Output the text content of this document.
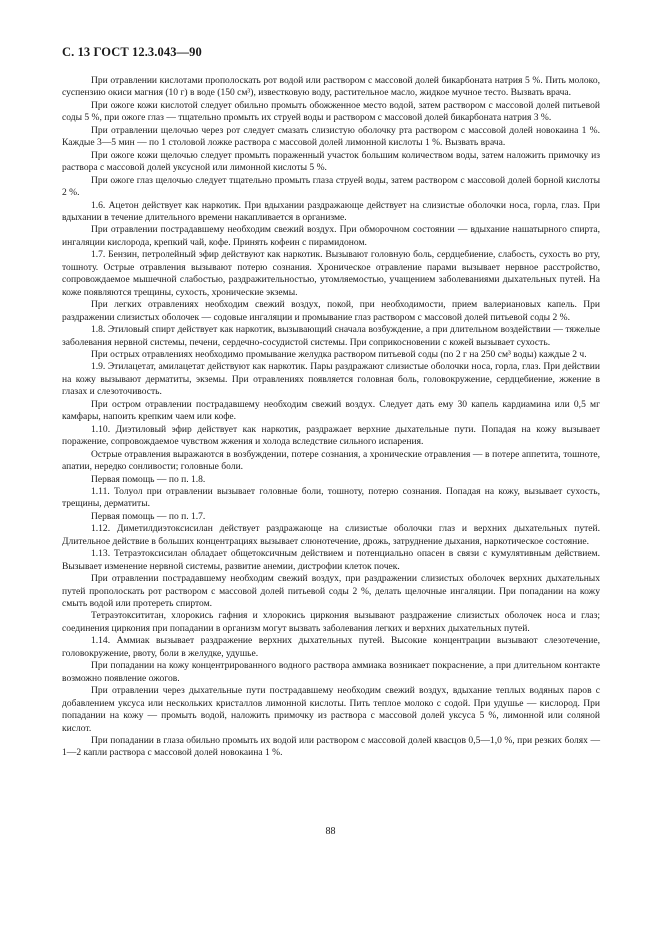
С. 13 ГОСТ 12.3.043—90

При отравлении кислотами прополоскать рот водой или раствором с массовой долей бикарбоната натрия 5 %. Пить молоко, суспензию окиси магния (10 г) в воде (150 см³), известковую воду, растительное масло, жидкое мучное тесто. Вызвать врача.

При ожоге кожи кислотой следует обильно промыть обожженное место водой, затем раствором с массовой долей питьевой соды 5 %, при ожоге глаз — тщательно промыть их струей воды и раствором с массовой долей бикарбоната натрия 3 %.

При отравлении щелочью через рот следует смазать слизистую оболочку рта раствором с массовой долей новокаина 1 %. Каждые 3—5 мин — по 1 столовой ложке раствора с массовой долей лимонной кислоты 1 %. Вызвать врача.

При ожоге кожи щелочью следует промыть пораженный участок большим количеством воды, затем наложить примочку из раствора с массовой долей уксусной или лимонной кислоты 5 %.

При ожоге глаз щелочью следует тщательно промыть глаза струей воды, затем раствором с массовой долей борной кислоты 2 %.

1.6. Ацетон действует как наркотик. При вдыхании раздражающе действует на слизистые оболочки носа, горла, глаз. При вдыхании в течение длительного времени накапливается в организме.

При отравлении пострадавшему необходим свежий воздух. При обморочном состоянии — вдыхание нашатырного спирта, ингаляции кислорода, крепкий чай, кофе. Принять кофеин с пирамидоном.

1.7. Бензин, петролейный эфир действуют как наркотик. Вызывают головную боль, сердцебиение, слабость, сухость во рту, тошноту. Острые отравления вызывают потерю сознания. Хроническое отравление парами вызывает нервное расстройство, сопровождаемое мышечной слабостью, раздражительностью, утомляемостью, учащением заболеваниями дыхательных путей. На коже появляются трещины, сухость, хронические экземы.

При легких отравлениях необходим свежий воздух, покой, при необходимости, прием валериановых капель. При раздражении слизистых оболочек — содовые ингаляции и промывание глаз раствором с массовой долей питьевой соды 2 %.

1.8. Этиловый спирт действует как наркотик, вызывающий сначала возбуждение, а при длительном воздействии — тяжелые заболевания нервной системы, печени, сердечно-сосудистой системы. При соприкосновении с кожей вызывает сухость.

При острых отравлениях необходимо промывание желудка раствором питьевой соды (по 2 г на 250 см³ воды) каждые 2 ч.

1.9. Этилацетат, амилацетат действуют как наркотик. Пары раздражают слизистые оболочки носа, горла, глаз. При действии на кожу вызывают дерматиты, экземы. При отравлениях появляется головная боль, головокружение, сердцебиение, жжение в глазах и слезоточивость.

При остром отравлении пострадавшему необходим свежий воздух. Следует дать ему 30 капель кардиамина или 0,5 мг камфары, напоить крепким чаем или кофе.

1.10. Диэтиловый эфир действует как наркотик, раздражает верхние дыхательные пути. Попадая на кожу вызывает поражение, сопровождаемое чувством жжения и холода вследствие сильного испарения.

Острые отравления выражаются в возбуждении, потере сознания, а хронические отравления — в потере аппетита, тошноте, апатии, нередко сонливости; головные боли.

Первая помощь — по п. 1.8.

1.11. Толуол при отравлении вызывает головные боли, тошноту, потерю сознания. Попадая на кожу, вызывает сухость, трещины, дерматиты.

Первая помощь — по п. 1.7.

1.12. Диметилдиэтоксисилан действует раздражающе на слизистые оболочки глаз и верхних дыхательных путей. Длительное действие в больших концентрациях вызывает слюнотечение, дрожь, затруднение дыхания, наркотическое состояние.

1.13. Тетраэтоксисилан обладает общетоксичным действием и потенциально опасен в связи с кумулятивным действием. Вызывает изменение нервной системы, развитие анемии, дистрофии клеток почек.

При отравлении пострадавшему необходим свежий воздух, при раздражении слизистых оболочек верхних дыхательных путей прополоскать рот раствором с массовой долей питьевой соды 2 %, делать щелочные ингаляции. При попадании на кожу смыть водой или протереть спиртом.

Тетраэтоксититан, хлорокись гафния и хлорокись циркония вызывают раздражение слизистых оболочек носа и глаз; соединения циркония при попадании в организм могут вызвать заболевания легких и верхних дыхательных путей.

1.14. Аммиак вызывает раздражение верхних дыхательных путей. Высокие концентрации вызывают слезотечение, головокружение, рвоту, боли в желудке, удушье.

При попадании на кожу концентрированного водного раствора аммиака возникает покраснение, а при длительном контакте возможно появление ожогов.

При отравлении через дыхательные пути пострадавшему необходим свежий воздух, вдыхание теплых водяных паров с добавлением уксуса или нескольких кристаллов лимонной кислоты. Пить теплое молоко с содой. При удушье — кислород. При попадании на кожу — промыть водой, наложить примочку из раствора с массовой долей уксуса 5 %, лимонной или соляной кислот.

При попадании в глаза обильно промыть их водой или раствором с массовой долей квасцов 0,5—1,0 %, при резких болях — 1—2 капли раствора с массовой долей новокаина 1 %.

88
